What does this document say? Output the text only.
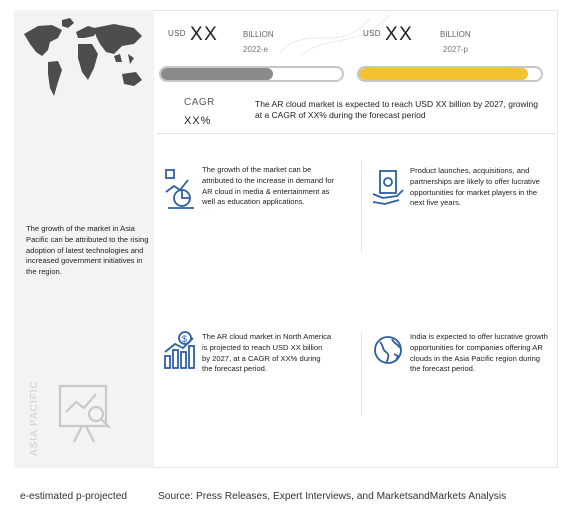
USD XX	BILLION
2022-e
USD XX	BILLION
2027-p
CAGR
XX%
The AR cloud market is expected to reach USD XX billion by 2027, growing at a CAGR of XX% during the forecast period
The growth of the market in Asia Pacific can be attributed to the rising adoption of latest technologies and increased government initiatives in the region.
ASIA PACIFIC
The growth of the market can be attributed to the increase in demand for AR cloud in media & entertainment as well as education applications.
Product launches, acquisitions, and partnerships are likely to offer lucrative opportunities for market players in the next five years.
$ The AR cloud market in North America is projected to reach USD XX billion by 2027, at a CAGR of XX% during the forecast period.
India is expected to offer lucrative growth opportunities for companies offering AR clouds in the Asia Pacific region during the forecast period.
e-estimated p-projected	Source: Press Releases, Expert Interviews, and MarketsandMarkets Analysis
